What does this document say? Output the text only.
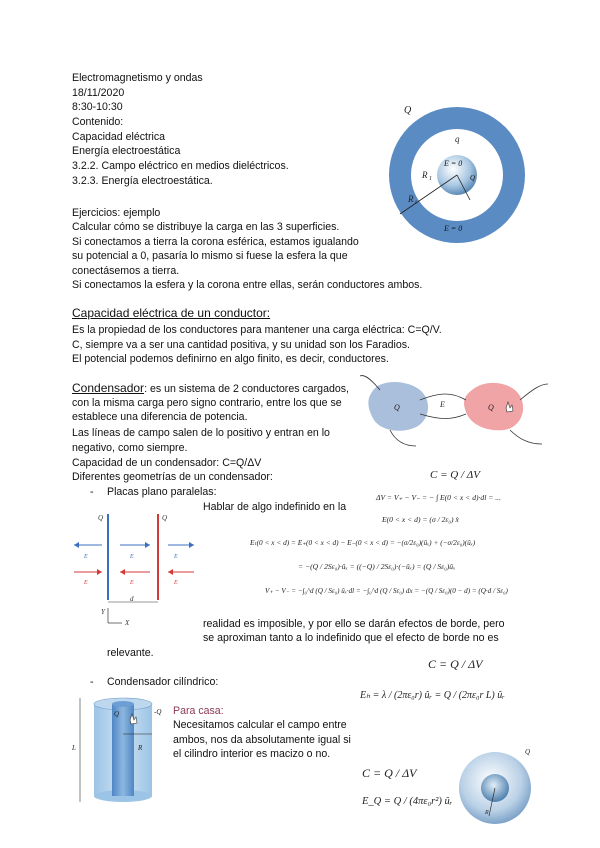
Electromagnetismo y ondas
18/11/2020
8:30-10:30
Contenido:
Capacidad eléctrica
Energía electroestática
3.2.2. Campo eléctrico en medios dieléctricos.
3.2.3. Energía electroestática.
Q
q
R 1
R i
E = 0
Q
E = 0
Ejercicios: ejemplo
Calcular cómo se distribuye la carga en las 3 superficies.
Si conectamos a tierra la corona esférica, estamos igualando
su potencial a 0, pasaría lo mismo si fuese la esfera la que
conectásemos a tierra.
Si conectamos la esfera y la corona entre ellas, serán conductores ambos.
Capacidad eléctrica de un conductor:
Es la propiedad de los conductores para mantener una carga eléctrica: C=Q/V.
C, siempre va a ser una cantidad positiva, y su unidad son los Faradios.
El potencial podemos definirno en algo finito, es decir, conductores.
Condensador: es un sistema de 2 conductores cargados,
con la misma carga pero signo contrario, entre los que se
establece una diferencia de potencia.
Las líneas de campo salen de lo positivo y entran en lo
negativo, como siempre.
Capacidad de un condensador: C=Q/ΔV
Diferentes geometrías de un condensador:
Q	E	Q
- Placas plano paralelas:
Hablar de algo indefinido en la
Q	Q
E	E	E
E	E	E
d
Y
X
C = Q / ΔV
ΔV = V₊ − V₋ = − ∫ E(0 < x < d)·dl = ...
E(0 < x < d) = (σ / 2ε₀) x̂
Eₜ(0 < x < d) = E₊(0 < x < d) − E₋(0 < x < d) = −(σ/2ε₀)(ûₓ) + (−σ/2ε₀)(ûₓ)
= −(Q / 2Sε₀)·ûₓ = ((−Q) / 2Sε₀)·(−ûₓ) = (Q / Sε₀)ûₓ
V₊ − V₋ = −∫₀^d (Q / Sε₀) ûₓ·dl = −∫₀^d (Q / Sε₀) dx = −(Q / Sε₀)(0 − d) = (Q·d / Sε₀)
realidad es imposible, y por ello se darán efectos de borde, pero
se aproximan tanto a lo indefinido que el efecto de borde no es
relevante.
- Condensador cilíndrico:
C = Q / ΔV
Eₕ = λ / (2πε₀r) ûᵣ = Q / (2πε₀r L) ûᵣ
L
Q	-Q
R
Para casa:
Necesitamos calcular el campo entre
ambos, nos da absolutamente igual si
el cilindro interior es macizo o no.
C = Q / ΔV
E_Q = Q / (4πε₀r²) ûᵣ
Q
R
